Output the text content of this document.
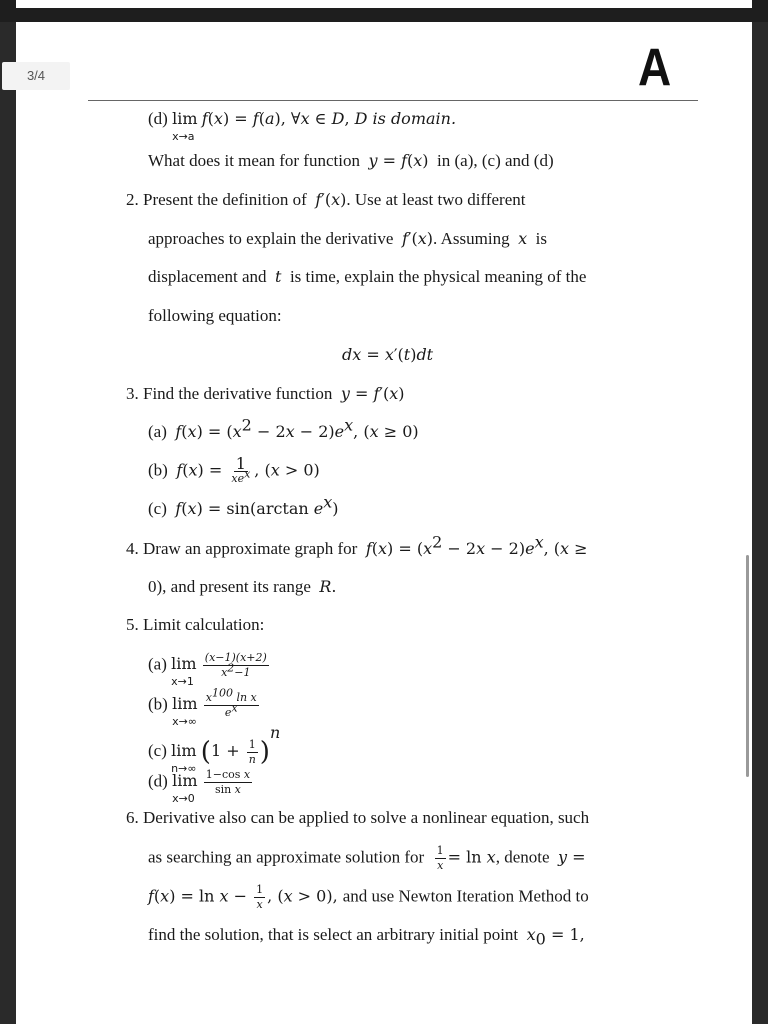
A
(d) lim
x→a
f(x) = f(a), ∀x ∈ D, D is domain.
What does it mean for function y = f(x) in (a), (c) and (d)
2. Present the definition of f′(x). Use at least two different
approaches to explain the derivative f′(x). Assuming x is
displacement and t is time, explain the physical meaning of the
following equation:
dx = x′(t)dt
3. Find the derivative function y = f′(x)
(a) $f(x) = (x^2 - 2x - 2)e^x$, (x ≥ 0)
(b) $f(x) = \frac{1}{xe^x}$ , (x > 0)
(c) f(x) = sin(arctan $e^x$)
4. Draw an approximate graph for $f(x) = (x^2 - 2x - 2)e^x$, (x ≥
0), and present its range R.
5. Limit calculation:
(a) lim
x→1

$\frac{(x-1)(x+2)}{x^2-1}$
(b) lim
x→∞

$\frac{x^{100} \ln x}{e^x}$
(c) lim
n→∞
$(1 + \frac{1}{n} )^n$
(d) lim
x→0

$\frac{\text{1−cos x}}{\text{sin x}}$
6. Derivative also can be applied to solve a nonlinear equation, such
as searching an approximate solution for $\frac{1}{x} = \ln x$, denote y =
$f(x) = \ln x - \frac{1}{x}$ , (x > 0), and use Newton Iteration Method to
find the solution, that is select an arbitrary initial point $x_0 = 1$,
3/4
